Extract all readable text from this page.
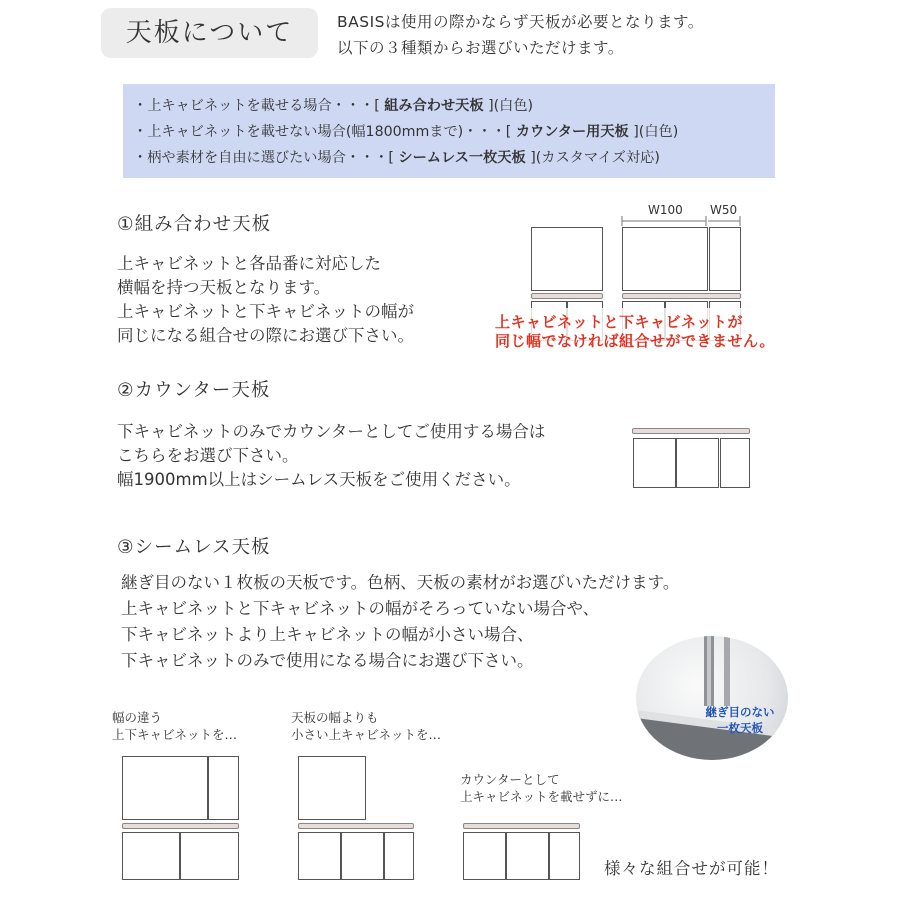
天板について	BASISは使用の際かならず天板が必要となります。
以下の３種類からお選びいただけます。
・上キャビネットを載せる場合・・・[ 組み合わせ天板 ](白色)
・上キャビネットを載せない場合(幅1800mmまで)・・・[ カウンター用天板 ](白色)
・柄や素材を自由に選びたい場合・・・[ シームレス一枚天板 ](カスタマイズ対応)
①組み合わせ天板
上キャビネットと各品番に対応した
横幅を持つ天板となります。
上キャビネットと下キャビネットの幅が
同じになる組合せの際にお選び下さい。
W100 W50
上キャビネットと下キャビネットが
同じ幅でなければ組合せができません。
②カウンター天板
下キャビネットのみでカウンターとしてご使用する場合は
こちらをお選び下さい。
幅1900mm以上はシームレス天板をご使用ください。
③シームレス天板
継ぎ目のない１枚板の天板です。色柄、天板の素材がお選びいただけます。
上キャビネットと下キャビネットの幅がそろっていない場合や、
下キャビネットより上キャビネットの幅が小さい場合、
下キャビネットのみで使用になる場合にお選び下さい。
継ぎ目のない
一枚天板
幅の違う
上下キャビネットを…
天板の幅よりも
小さい上キャビネットを…
カウンターとして
上キャビネットを載せずに…
様々な組合せが可能！
